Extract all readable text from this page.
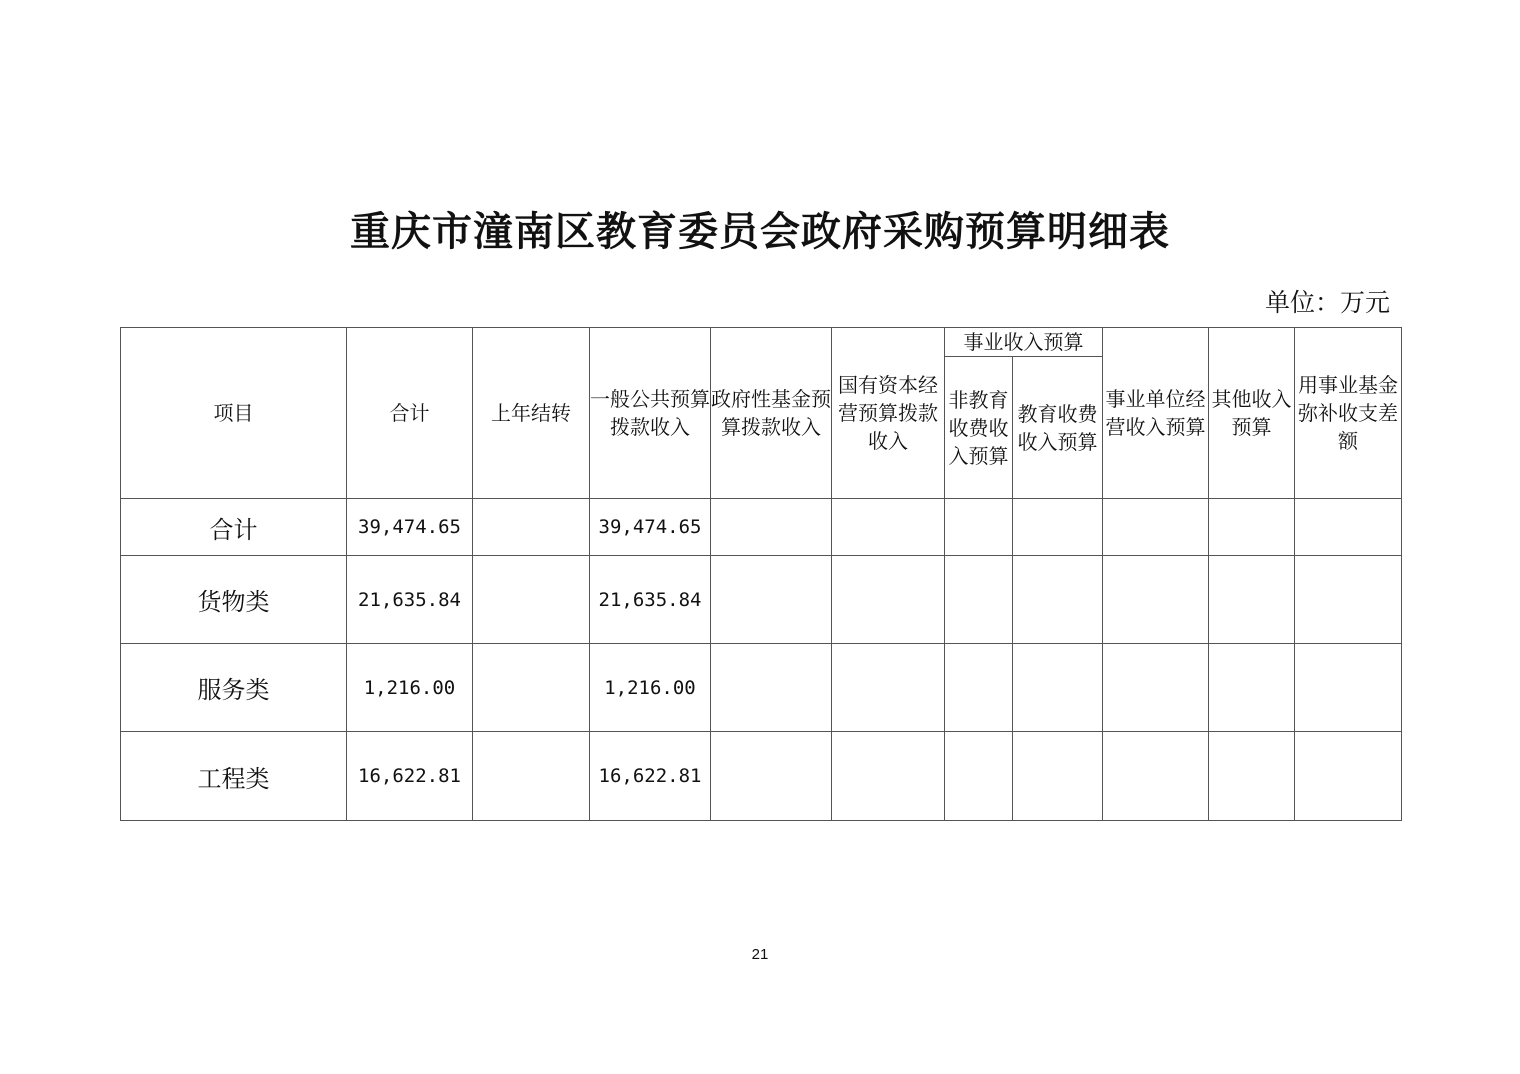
重庆市潼南区教育委员会政府采购预算明细表
单位：万元
项目	合计	上年结转	一般公共预算拨款收入	政府性基金预算拨款收入	国有资本经营预算拨款收入	事业收入预算		事业单位经营收入预算	其他收入预算	用事业基金弥补收支差额
						非教育收费收入预算	教育收费收入预算			
合计	39,474.65		39,474.65							
货物类	21,635.84		21,635.84							
服务类	1,216.00		1,216.00							
工程类	16,622.81		16,622.81							
21
